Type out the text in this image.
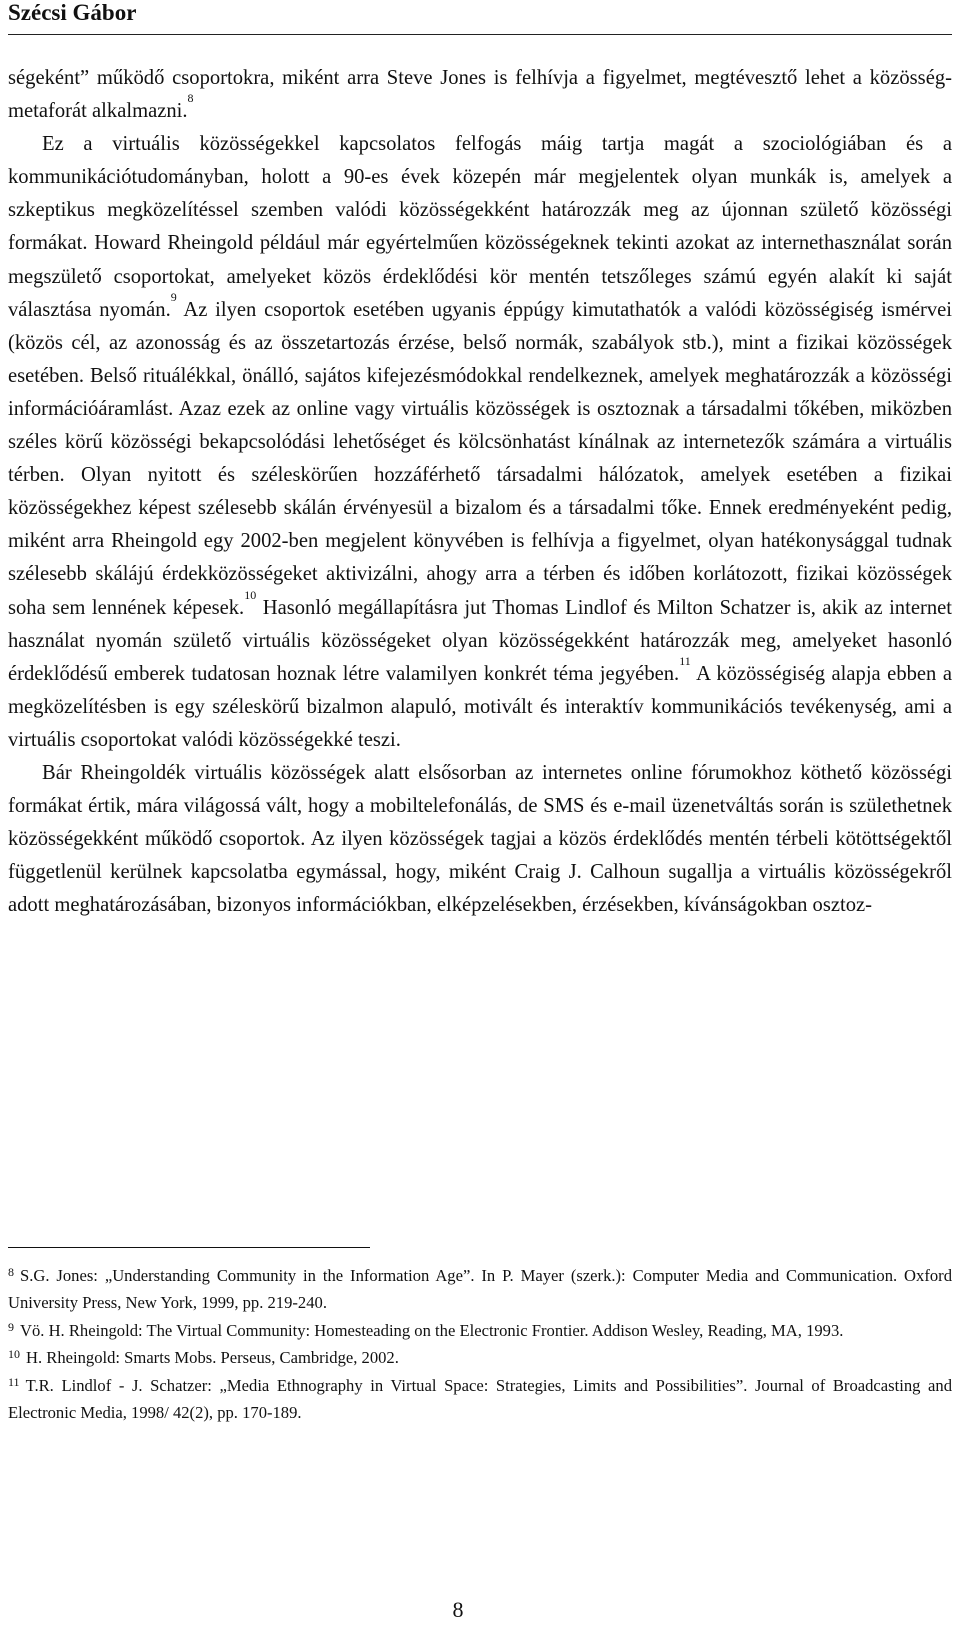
Szécsi Gábor

ségeként” működő csoportokra, miként arra Steve Jones is felhívja a figyelmet, megtévesztő lehet a közösség-metaforát alkalmazni.$^8$

Ez a virtuális közösségekkel kapcsolatos felfogás máig tartja magát a szociológiában és a kommunikációtudományban, holott a 90-es évek közepén már megjelentek olyan munkák is, amelyek a szkeptikus megközelítéssel szemben valódi közösségekként határozzák meg az újonnan születő közösségi formákat. Howard Rheingold például már egyértelműen közösségeknek tekinti azokat az internethasználat során megszülető csoportokat, amelyeket közös érdeklődési kör mentén tetszőleges számú egyén alakít ki saját választása nyomán.$^9$ Az ilyen csoportok esetében ugyanis éppúgy kimutathatók a valódi közösségiség ismérvei (közös cél, az azonosság és az összetartozás érzése, belső normák, szabályok stb.), mint a fizikai közösségek esetében. Belső rituálékkal, önálló, sajátos kifejezésmódokkal rendelkeznek, amelyek meghatározzák a közösségi információáramlást. Azaz ezek az online vagy virtuális közösségek is osztoznak a társadalmi tőkében, miközben széles körű közösségi bekapcsolódási lehetőséget és kölcsönhatást kínálnak az internetezők számára a virtuális térben. Olyan nyitott és széleskörűen hozzáférhető társadalmi hálózatok, amelyek esetében a fizikai közösségekhez képest szélesebb skálán érvényesül a bizalom és a társadalmi tőke. Ennek eredményeként pedig, miként arra Rheingold egy 2002-ben megjelent könyvében is felhívja a figyelmet, olyan hatékonysággal tudnak szélesebb skálájú érdekközösségeket aktivizálni, ahogy arra a térben és időben korlátozott, fizikai közösségek soha sem lennének képesek.$^{10}$ Hasonló megállapításra jut Thomas Lindlof és Milton Schatzer is, akik az internet használat nyomán születő virtuális közösségeket olyan közösségekként határozzák meg, amelyeket hasonló érdeklődésű emberek tudatosan hoznak létre valamilyen konkrét téma jegyében.$^{11}$ A közösségiség alapja ebben a megközelítésben is egy széleskörű bizalmon alapuló, motivált és interaktív kommunikációs tevékenység, ami a virtuális csoportokat valódi közösségekké teszi.

Bár Rheingoldék virtuális közösségek alatt elsősorban az internetes online fórumokhoz köthető közösségi formákat értik, mára világossá vált, hogy a mobiltelefonálás, de SMS és e-mail üzenetváltás során is születhetnek közösségekként működő csoportok. Az ilyen közösségek tagjai a közös érdeklődés mentén térbeli kötöttségektől függetlenül kerülnek kapcsolatba egymással, hogy, miként Craig J. Calhoun sugallja a virtuális közösségekről adott meghatározásában, bizonyos információkban, elképzelésekben, érzésekben, kívánságokban osztoz-

$^8$ S.G. Jones: „Understanding Community in the Information Age”. In P. Mayer (szerk.): Computer Media and Communication. Oxford University Press, New York, 1999, pp. 219-240.

$^9$ Vö. H. Rheingold: The Virtual Community: Homesteading on the Electronic Frontier. Addison Wesley, Reading, MA, 1993.

$^{10}$ H. Rheingold: Smarts Mobs. Perseus, Cambridge, 2002.

$^{11}$ T.R. Lindlof - J. Schatzer: „Media Ethnography in Virtual Space: Strategies, Limits and Possibilities”. Journal of Broadcasting and Electronic Media, 1998/ 42(2), pp. 170-189.

8
